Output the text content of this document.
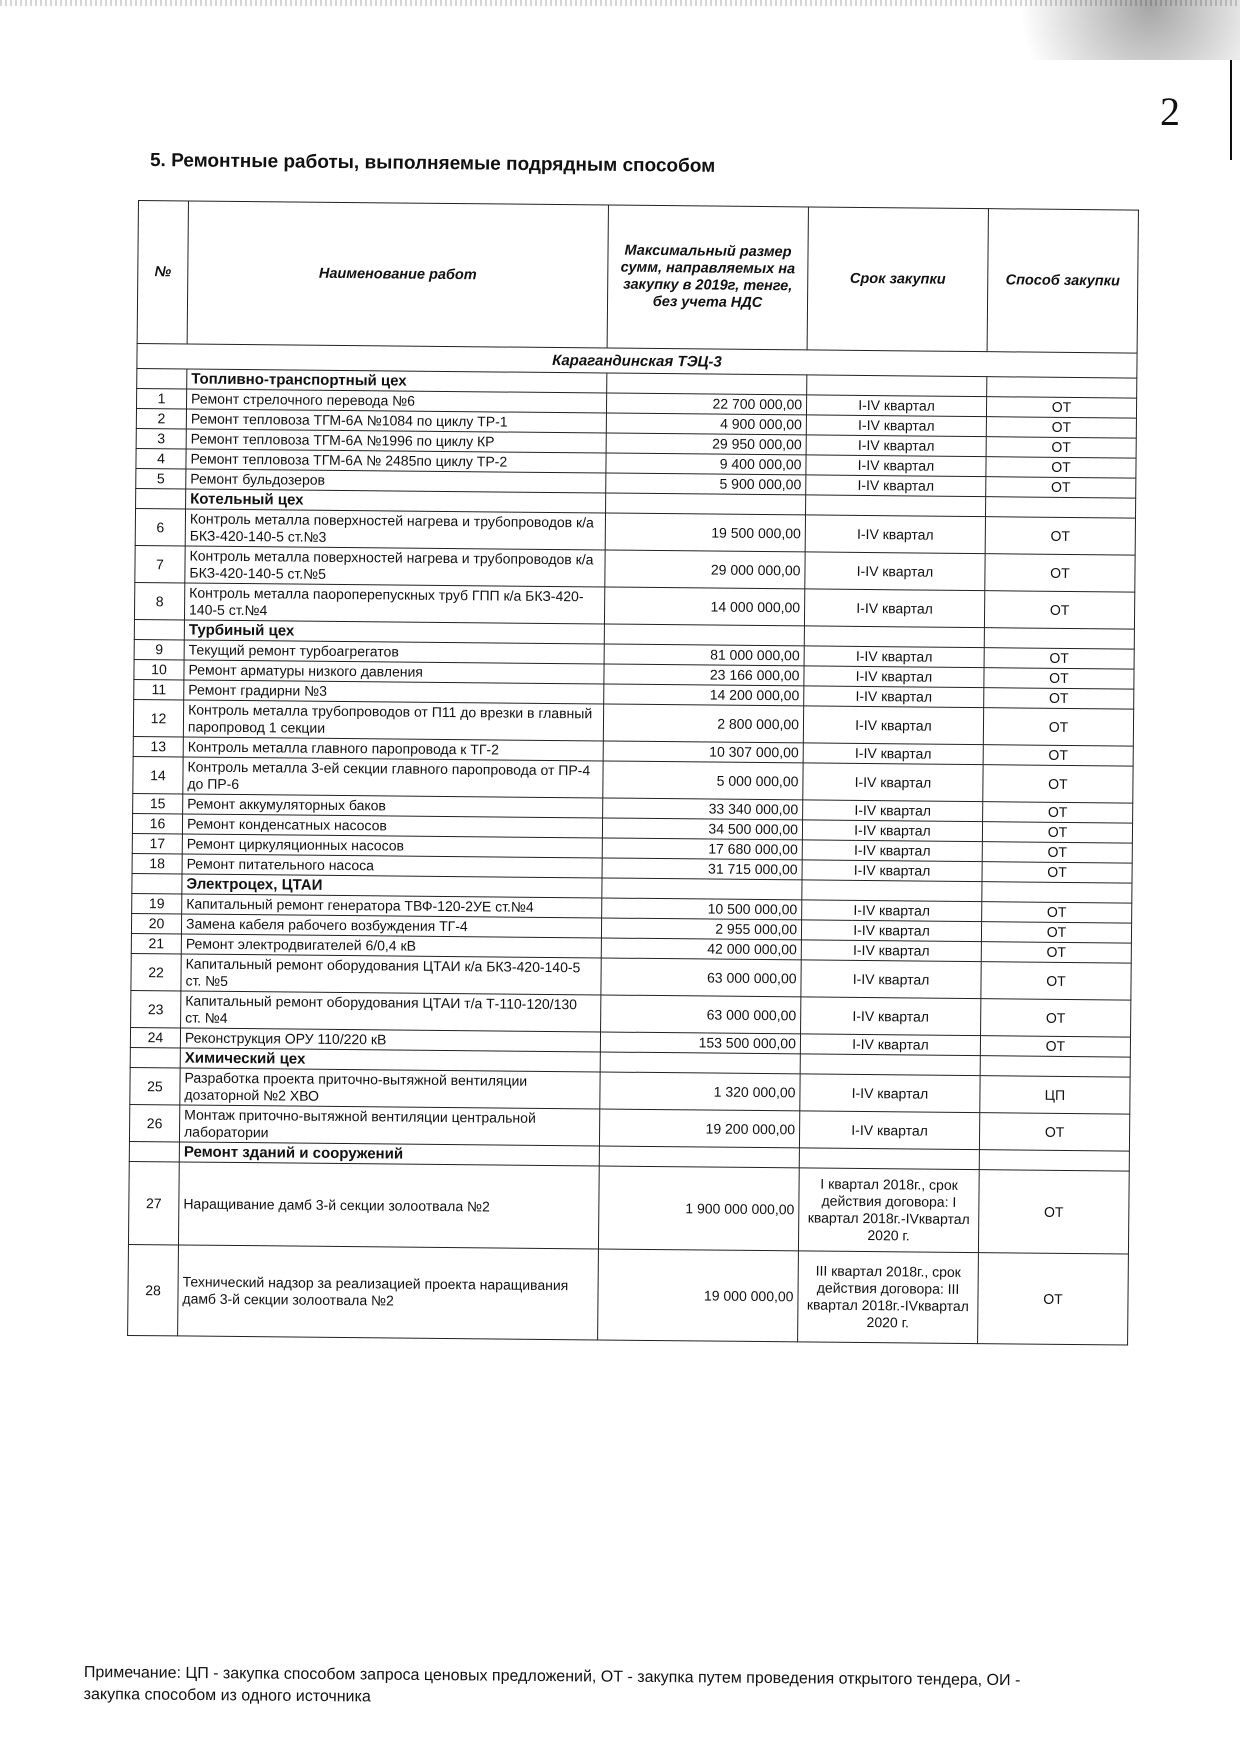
2
5. Ремонтные работы, выполняемые подрядным способом
№	Наименование работ	Максимальный размер сумм, направляемых на закупку в 2019г, тенге, без учета НДС	Срок закупки	Способ закупки
Карагандинская ТЭЦ-3				
	Топливно-транспортный цех			
1	Ремонт стрелочного перевода №6	22 700 000,00	I-IV квартал	ОТ
2	Ремонт тепловоза ТГМ-6А №1084 по циклу ТР-1	4 900 000,00	I-IV квартал	ОТ
3	Ремонт тепловоза ТГМ-6А №1996 по циклу КР	29 950 000,00	I-IV квартал	ОТ
4	Ремонт тепловоза ТГМ-6А № 2485по циклу ТР-2	9 400 000,00	I-IV квартал	ОТ
5	Ремонт бульдозеров	5 900 000,00	I-IV квартал	ОТ
	Котельный цех			
6	Контроль металла поверхностей нагрева и трубопроводов к/а БКЗ-420-140-5 ст.№3	19 500 000,00	I-IV квартал	ОТ
7	Контроль металла поверхностей нагрева и трубопроводов к/а БКЗ-420-140-5 ст.№5	29 000 000,00	I-IV квартал	ОТ
8	Контроль металла паороперепускных труб ГПП к/а БКЗ-420-140-5 ст.№4	14 000 000,00	I-IV квартал	ОТ
	Турбиный цех			
9	Текущий ремонт турбоагрегатов	81 000 000,00	I-IV квартал	ОТ
10	Ремонт арматуры низкого давления	23 166 000,00	I-IV квартал	ОТ
11	Ремонт градирни №3	14 200 000,00	I-IV квартал	ОТ
12	Контроль металла трубопроводов от П11 до врезки в главный паропровод 1 секции	2 800 000,00	I-IV квартал	ОТ
13	Контроль металла главного паропровода к ТГ-2	10 307 000,00	I-IV квартал	ОТ
14	Контроль металла 3-ей секции главного паропровода от ПР-4 до ПР-6	5 000 000,00	I-IV квартал	ОТ
15	Ремонт аккумуляторных баков	33 340 000,00	I-IV квартал	ОТ
16	Ремонт конденсатных насосов	34 500 000,00	I-IV квартал	ОТ
17	Ремонт циркуляционных насосов	17 680 000,00	I-IV квартал	ОТ
18	Ремонт питательного насоса	31 715 000,00	I-IV квартал	ОТ
	Электроцех, ЦТАИ			
19	Капитальный ремонт генератора ТВФ-120-2УЕ ст.№4	10 500 000,00	I-IV квартал	ОТ
20	Замена кабеля рабочего возбуждения ТГ-4	2 955 000,00	I-IV квартал	ОТ
21	Ремонт электродвигателей 6/0,4 кВ	42 000 000,00	I-IV квартал	ОТ
22	Капитальный ремонт оборудования ЦТАИ к/а БКЗ-420-140-5 ст. №5	63 000 000,00	I-IV квартал	ОТ
23	Капитальный ремонт оборудования ЦТАИ т/а Т-110-120/130 ст. №4	63 000 000,00	I-IV квартал	ОТ
24	Реконструкция ОРУ 110/220 кВ	153 500 000,00	I-IV квартал	ОТ
	Химический цех			
25	Разработка проекта приточно-вытяжной вентиляции дозаторной №2 ХВО	1 320 000,00	I-IV квартал	ЦП
26	Монтаж приточно-вытяжной вентиляции центральной лаборатории	19 200 000,00	I-IV квартал	ОТ
	Ремонт зданий и сооружений			
27	Наращивание дамб 3-й секции золоотвала №2	1 900 000 000,00	I квартал 2018г., срок действия договора: I квартал 2018г.-IVквартал 2020 г.	ОТ
28	Технический надзор за реализацией проекта наращивания дамб 3-й секции золоотвала №2	19 000 000,00	III квартал 2018г., срок действия договора: III квартал 2018г.-IVквартал 2020 г.	ОТ
Примечание: ЦП - закупка способом запроса ценовых предложений, ОТ - закупка путем проведения открытого тендера, ОИ - закупка способом из одного источника
